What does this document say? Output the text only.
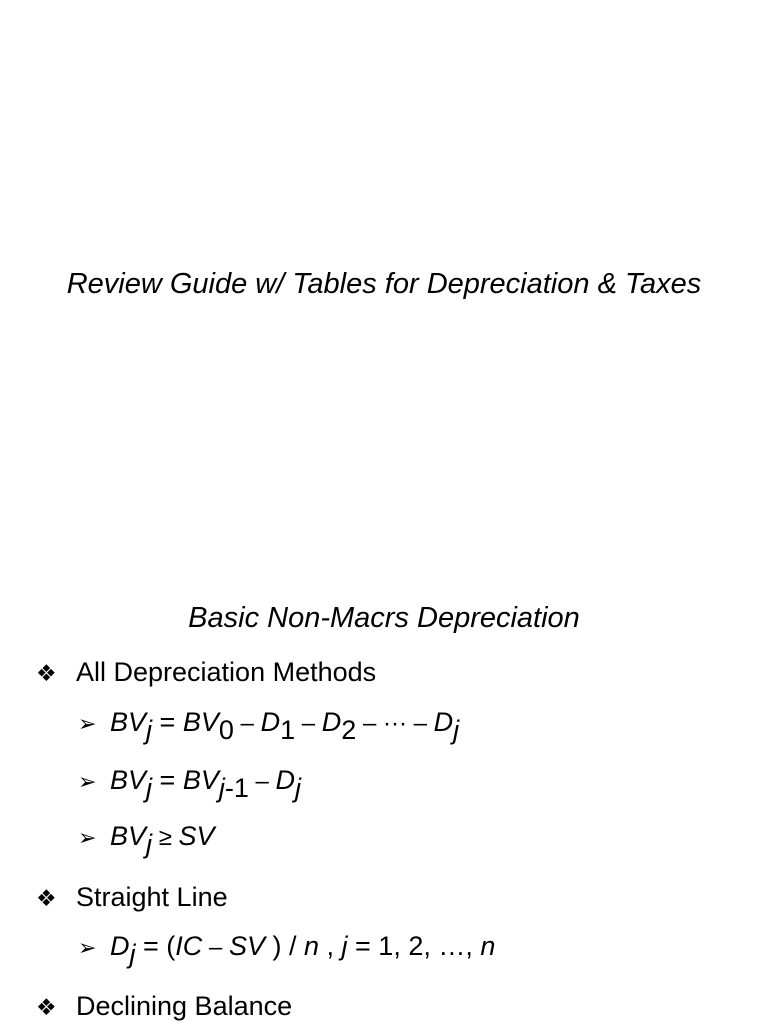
Review Guide w/ Tables for Depreciation & Taxes
Basic Non-Macrs Depreciation
❖ All Depreciation Methods
➢ BVj = BV0 – D1 – D2 – ··· – Dj
➢ BVj = BVj-1 – Dj
➢ BVj ≥ SV
❖ Straight Line
➢ Dj = (IC – SV ) / n , j = 1, 2, …, n
❖ Declining Balance
